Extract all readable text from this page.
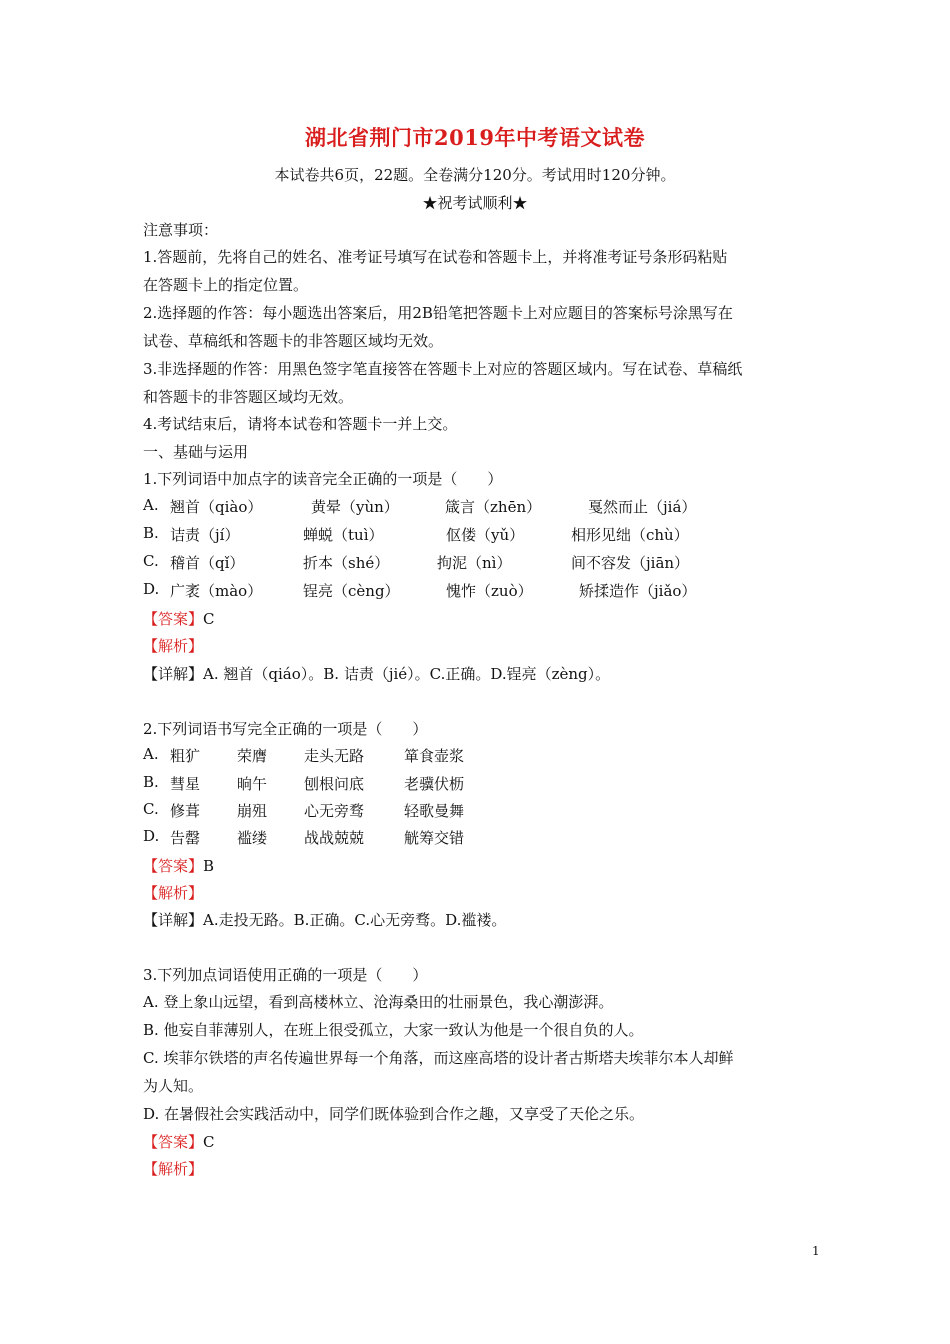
湖北省荆门市2019年中考语文试卷
本试卷共6页，22题。全卷满分120分。考试用时120分钟。
★祝考试顺利★
注意事项：
1.答题前，先将自己的姓名、准考证号填写在试卷和答题卡上，并将准考证号条形码粘贴
在答题卡上的指定位置。
2.选择题的作答：每小题选出答案后，用2B铅笔把答题卡上对应题目的答案标号涂黑写在
试卷、草稿纸和答题卡的非答题区域均无效。
3.非选择题的作答：用黑色签字笔直接答在答题卡上对应的答题区域内。写在试卷、草稿纸
和答题卡的非答题区域均无效。
4.考试结束后，请将本试卷和答题卡一并上交。
一、基础与运用
1.下列词语中加点字的读音完全正确的一项是（　　）
A. 翘首（qiào）	黄晕（yùn）	箴言（zhēn）	戛然而止（jiá）
B. 诘责（jí）	蝉蜕（tuì）	伛偻（yǔ）	相形见绌（chù）
C. 稽首（qǐ）	折本（shé）	拘泥（nì）	间不容发（jiān）
D. 广袤（mào）	锃亮（cèng）	愧怍（zuò）	矫揉造作（jiǎo）
【答案】C
【解析】
【详解】A. 翘首（qiáo）。B. 诘责（jié）。C.正确。D.锃亮（zèng）。
2.下列词语书写完全正确的一项是（　　）
A. 粗犷 荣膺 走头无路	箪食壶浆
B. 彗星 晌午 刨根问底	老骥伏枥
C. 修葺 崩殂 心无旁骛	轻歌曼舞
D. 告罄 褴缕 战战兢兢	觥筹交错
【答案】B
【解析】
【详解】A.走投无路。B.正确。C.心无旁骛。D.褴褛。
3.下列加点词语使用正确的一项是（　　）
A. 登上象山远望，看到高楼林立、沧海桑田的壮丽景色，我心潮澎湃。
B. 他妄自菲薄别人，在班上很受孤立，大家一致认为他是一个很自负的人。
C. 埃菲尔铁塔的声名传遍世界每一个角落，而这座高塔的设计者古斯塔夫埃菲尔本人却鲜
为人知。
D. 在暑假社会实践活动中，同学们既体验到合作之趣，又享受了天伦之乐。
【答案】C
【解析】
1
